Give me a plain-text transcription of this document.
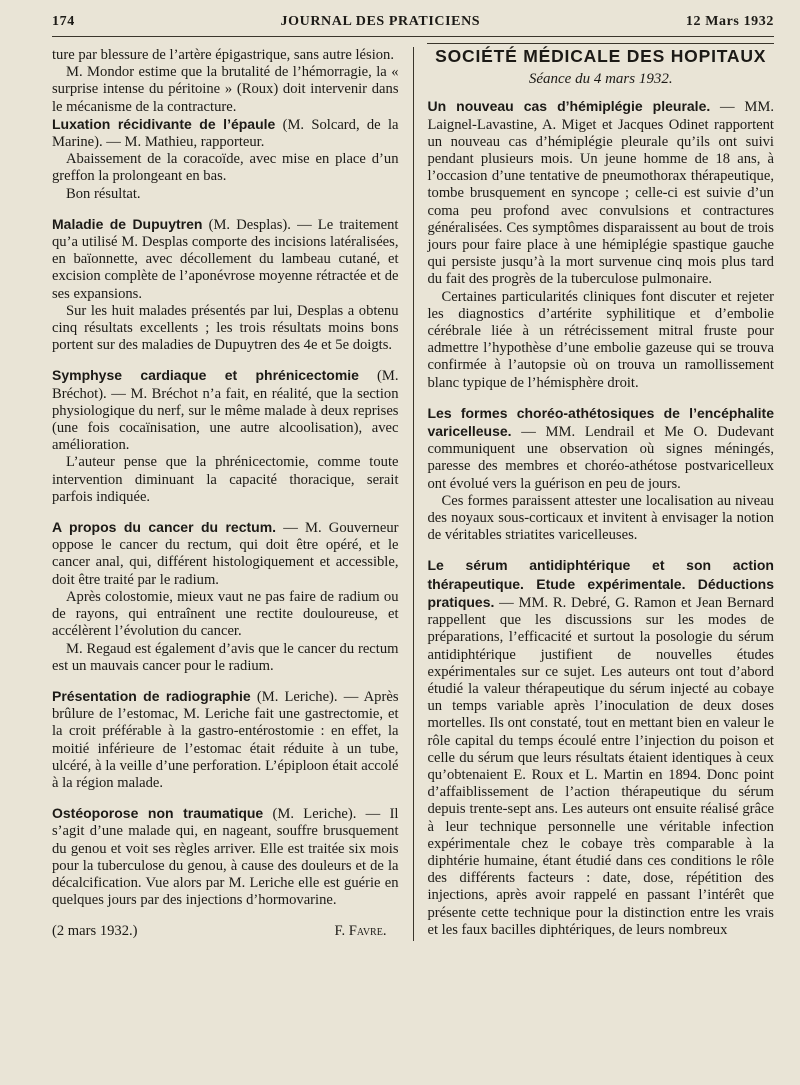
174	JOURNAL DES PRATICIENS	12 Mars 1932

ture par blessure de l’artère épigastrique, sans autre lésion.

M. Mondor estime que la brutalité de l’hémorragie, la « surprise intense du péritoine » (Roux) doit intervenir dans le mécanisme de la contracture.

Luxation récidivante de l’épaule (M. Solcard, de la Marine). — M. Mathieu, rapporteur.

Abaissement de la coracoïde, avec mise en place d’un greffon la prolongeant en bas.

Bon résultat.

Maladie de Dupuytren (M. Desplas). — Le traitement qu’a utilisé M. Desplas comporte des incisions latéralisées, en baïonnette, avec décollement du lambeau cutané, et excision complète de l’aponévrose moyenne rétractée et de ses expansions.

Sur les huit malades présentés par lui, Desplas a obtenu cinq résultats excellents ; les trois résultats moins bons portent sur des maladies de Dupuytren des 4e et 5e doigts.

Symphyse cardiaque et phrénicectomie (M. Bréchot). — M. Bréchot n’a fait, en réalité, que la section physiologique du nerf, sur le même malade à deux reprises (une fois cocaïnisation, une autre alcoolisation), avec amélioration.

L’auteur pense que la phrénicectomie, comme toute intervention diminuant la capacité thoracique, serait parfois indiquée.

A propos du cancer du rectum. — M. Gouverneur oppose le cancer du rectum, qui doit être opéré, et le cancer anal, qui, différent histologiquement et accessible, doit être traité par le radium.

Après colostomie, mieux vaut ne pas faire de radium ou de rayons, qui entraînent une rectite douloureuse, et accélèrent l’évolution du cancer.

M. Regaud est également d’avis que le cancer du rectum est un mauvais cancer pour le radium.

Présentation de radiographie (M. Leriche). — Après brûlure de l’estomac, M. Leriche fait une gastrectomie, et la croit préférable à la gastro-entérostomie : en effet, la moitié inférieure de l’estomac était réduite à un tube, ulcéré, à la veille d’une perforation. L’épiploon était accolé à la région malade.

Ostéoporose non traumatique (M. Leriche). — Il s’agit d’une malade qui, en nageant, souffre brusquement du genou et voit ses règles arriver. Elle est traitée six mois pour la tuberculose du genou, à cause des douleurs et de la décalcification. Vue alors par M. Leriche elle est guérie en quelques jours par des injections d’hormovarine.

(2 mars 1932.)	F. Favre.
SOCIÉTÉ MÉDICALE DES HOPITAUX
Séance du 4 mars 1932.

Un nouveau cas d’hémiplégie pleurale. — MM. Laignel-Lavastine, A. Miget et Jacques Odinet rapportent un nouveau cas d’hémiplégie pleurale qu’ils ont suivi pendant plusieurs mois. Un jeune homme de 18 ans, à l’occasion d’une tentative de pneumothorax thérapeutique, tombe brusquement en syncope ; celle-ci est suivie d’un coma peu profond avec convulsions et contractures généralisées. Ces symptômes disparaissent au bout de trois jours pour faire place à une hémiplégie spastique gauche qui persiste jusqu’à la mort survenue cinq mois plus tard du fait des progrès de la tuberculose pulmonaire.

Certaines particularités cliniques font discuter et rejeter les diagnostics d’artérite syphilitique et d’embolie cérébrale liée à un rétrécissement mitral fruste pour admettre l’hypothèse d’une embolie gazeuse qui se trouva confirmée à l’autopsie où on trouva un ramollissement blanc typique de l’hémisphère droit.

Les formes choréo-athétosiques de l’encéphalite varicelleuse. — MM. Lendrail et Me O. Dudevant communiquent une observation où signes méningés, paresse des membres et choréo-athétose postvaricelleux ont évolué vers la guérison en peu de jours.

Ces formes paraissent attester une localisation au niveau des noyaux sous-corticaux et invitent à envisager la notion de véritables striatites varicelleuses.

Le sérum antidiphtérique et son action thérapeutique. Etude expérimentale. Déductions pratiques. — MM. R. Debré, G. Ramon et Jean Bernard rappellent que les discussions sur les modes de préparations, l’efficacité et surtout la posologie du sérum antidiphtérique justifient de nouvelles études expérimentales sur ce sujet. Les auteurs ont tout d’abord étudié la valeur thérapeutique du sérum injecté au cobaye un temps variable après l’inoculation de deux doses mortelles. Ils ont constaté, tout en mettant bien en valeur le rôle capital du temps écoulé entre l’injection du poison et celle du sérum que leurs résultats étaient identiques à ceux qu’obtenaient E. Roux et L. Martin en 1894. Donc point d’affaiblissement de l’action thérapeutique du sérum depuis trente-sept ans. Les auteurs ont ensuite réalisé grâce à leur technique personnelle une véritable infection expérimentale chez le cobaye très comparable à la diphtérie humaine, étant étudié dans ces conditions le rôle des différents facteurs : date, dose, répétition des injections, après avoir rappelé en passant l’intérêt que présente cette technique pour la distinction entre les vrais et les faux bacilles diphtériques, de leurs nombreux
